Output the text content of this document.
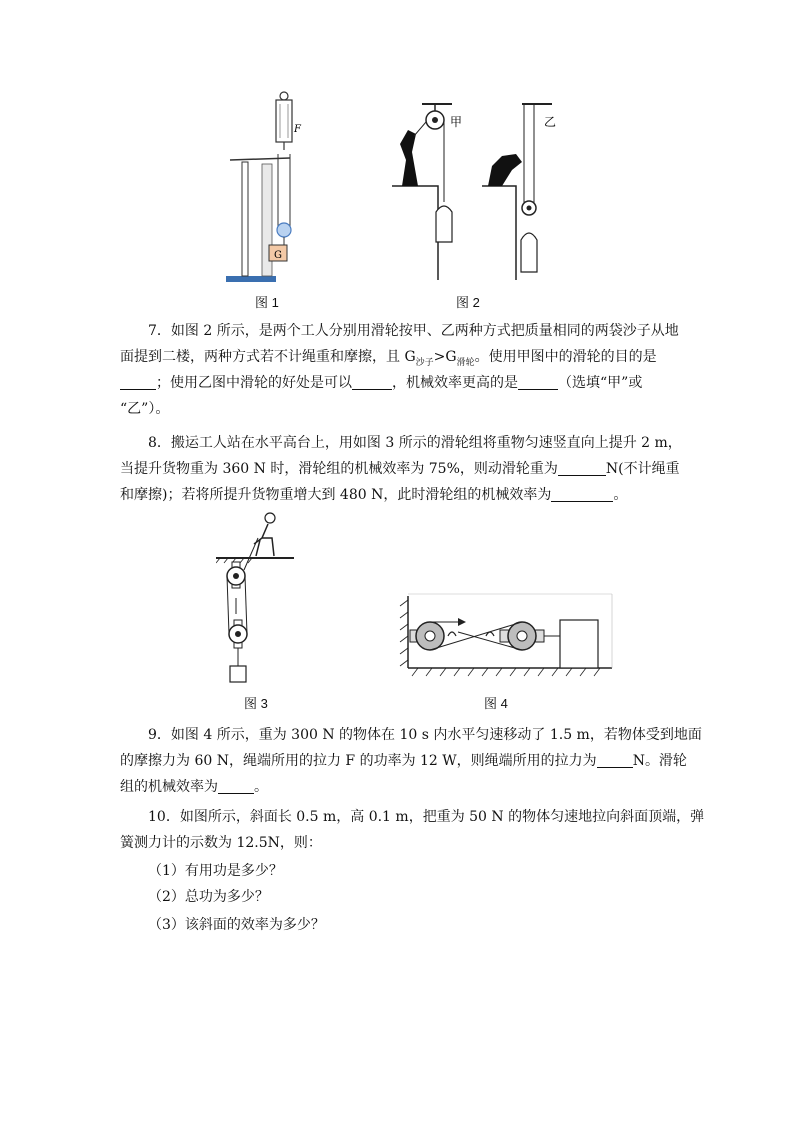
F
G
图 1
甲	乙
图 2
7．如图 2 所示，是两个工人分别用滑轮按甲、乙两种方式把质量相同的两袋沙子从地
面提到二楼，两种方式若不计绳重和摩擦，且 $G_{沙子}>G_{滑轮}$。使用甲图中的滑轮的目的是
；使用乙图中滑轮的好处是可以	，机械效率更高的是	（选填“甲”或
“乙”）。
8．搬运工人站在水平高台上，用如图 3 所示的滑轮组将重物匀速竖直向上提升 2 m，
当提升货物重为 360 N 时，滑轮组的机械效率为 75%，则动滑轮重为	N(不计绳重
和摩擦)；若将所提升货物重增大到 480 N，此时滑轮组的机械效率为	。
图 3	图 4
9．如图 4 所示，重为 300 N 的物体在 10 s 内水平匀速移动了 1.5 m，若物体受到地面
的摩擦力为 60 N，绳端所用的拉力 F 的功率为 12 W，则绳端所用的拉力为	N。滑轮
组的机械效率为	。
10．如图所示，斜面长 0.5 m，高 0.1 m，把重为 50 N 的物体匀速地拉向斜面顶端，弹
簧测力计的示数为 12.5N，则：
（1）有用功是多少？
（2）总功为多少？
（3）该斜面的效率为多少？
